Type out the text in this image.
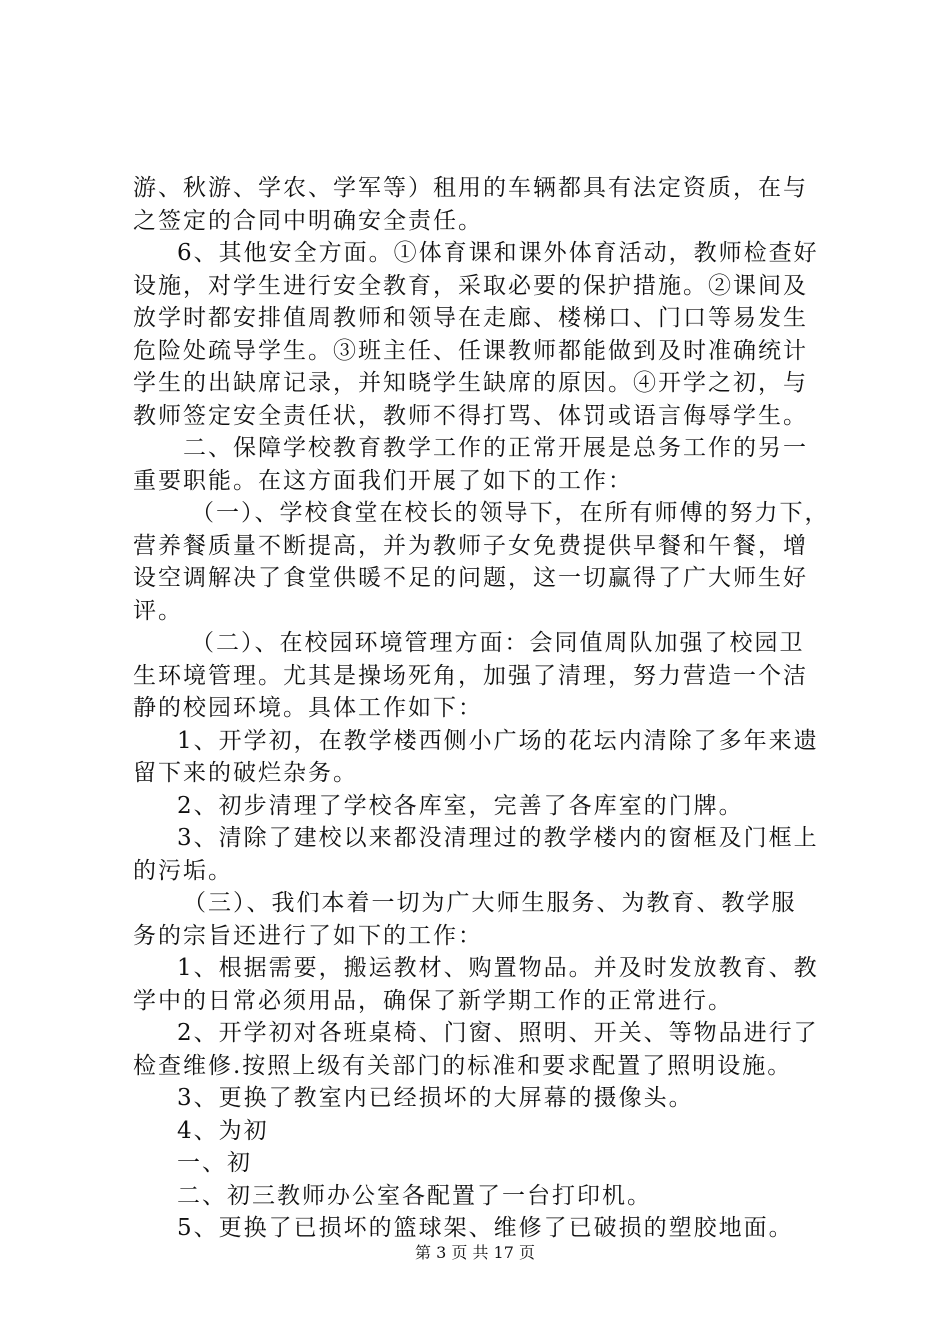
游、秋游、学农、学军等）租用的车辆都具有法定资质，在与
之签定的合同中明确安全责任。
6、其他安全方面。①体育课和课外体育活动，教师检查好
设施，对学生进行安全教育，采取必要的保护措施。②课间及
放学时都安排值周教师和领导在走廊、楼梯口、门口等易发生
危险处疏导学生。③班主任、任课教师都能做到及时准确统计
学生的出缺席记录，并知晓学生缺席的原因。④开学之初，与
教师签定安全责任状，教师不得打骂、体罚或语言侮辱学生。
二、保障学校教育教学工作的正常开展是总务工作的另一
重要职能。在这方面我们开展了如下的工作：
（一）、学校食堂在校长的领导下，在所有师傅的努力下，
营养餐质量不断提高，并为教师子女免费提供早餐和午餐，增
设空调解决了食堂供暖不足的问题，这一切赢得了广大师生好
评。
（二）、在校园环境管理方面：会同值周队加强了校园卫
生环境管理。尤其是操场死角，加强了清理，努力营造一个洁
静的校园环境。具体工作如下：
1、开学初，在教学楼西侧小广场的花坛内清除了多年来遗
留下来的破烂杂务。
2、初步清理了学校各库室，完善了各库室的门牌。
3、清除了建校以来都没清理过的教学楼内的窗框及门框上
的污垢。
（三）、我们本着一切为广大师生服务、为教育、教学服
务的宗旨还进行了如下的工作：
1、根据需要，搬运教材、购置物品。并及时发放教育、教
学中的日常必须用品，确保了新学期工作的正常进行。
2、开学初对各班桌椅、门窗、照明、开关、等物品进行了
检查维修.按照上级有关部门的标准和要求配置了照明设施。
3、更换了教室内已经损坏的大屏幕的摄像头。
4、为初
一、初
二、初三教师办公室各配置了一台打印机。
5、更换了已损坏的篮球架、维修了已破损的塑胶地面。
第 3 页 共 17 页
